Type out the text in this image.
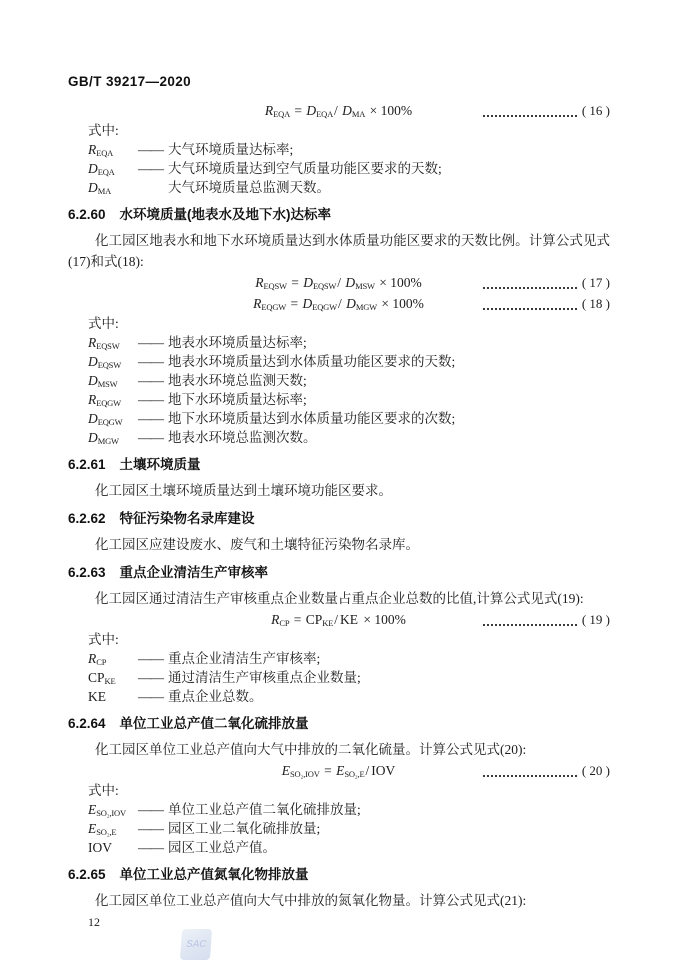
GB/T 39217—2020
$R_{EQA} = D_{EQA}/$ $D_{MA} \times 100\%$	( 16 )
式中:
$R_{EQA}$	—— 大气环境质量达标率;
$D_{EQA}$	—— 大气环境质量达到空气质量功能区要求的天数;
$D_{MA}$	大气环境质量总监测天数。
6.2.60 水环境质量(地表水及地下水)达标率

化工园区地表水和地下水环境质量达到水体质量功能区要求的天数比例。计算公式见式(17)和式(18):

$R_{EQSW} = D_{EQSW}/$ $D_{MSW} \times 100\%$	( 17 )
$R_{EQGW} = D_{EQGW}/$ $D_{MGW} \times 100\%$	( 18 )
式中:
$R_{EQSW}$	—— 地表水环境质量达标率;
$D_{EQSW}$	—— 地表水环境质量达到水体质量功能区要求的天数;
$D_{MSW}$	—— 地表水环境总监测天数;
$R_{EQGW}$	—— 地下水环境质量达标率;
$D_{EQGW}$	—— 地下水环境质量达到水体质量功能区要求的次数;
$D_{MGW}$	—— 地表水环境总监测次数。
6.2.61 土壤环境质量

化工园区土壤环境质量达到土壤环境功能区要求。

6.2.62 特征污染物名录库建设

化工园区应建设废水、废气和土壤特征污染物名录库。

6.2.63 重点企业清洁生产审核率

化工园区通过清洁生产审核重点企业数量占重点企业总数的比值,计算公式见式(19):

$R_{CP} = CP_{KE}/$ KE × 100%	( 19 )
式中:
$R_{CP}$	—— 重点企业清洁生产审核率;
$CP_{KE}$	—— 通过清洁生产审核重点企业数量;
KE	—— 重点企业总数。
6.2.64 单位工业总产值二氧化硫排放量

化工园区单位工业总产值向大气中排放的二氧化硫量。计算公式见式(20):

$E_{SO_2,IOV} = E_{SO_2,E}/$ IOV	( 20 )
式中:
$E_{SO_2,IOV}$ —— 单位工业总产值二氧化硫排放量;
$E_{SO_2,E}$	—— 园区工业二氧化硫排放量;
IOV	—— 园区工业总产值。
6.2.65 单位工业总产值氮氧化物排放量

化工园区单位工业总产值向大气中排放的氮氧化物量。计算公式见式(21):

12
SAC
